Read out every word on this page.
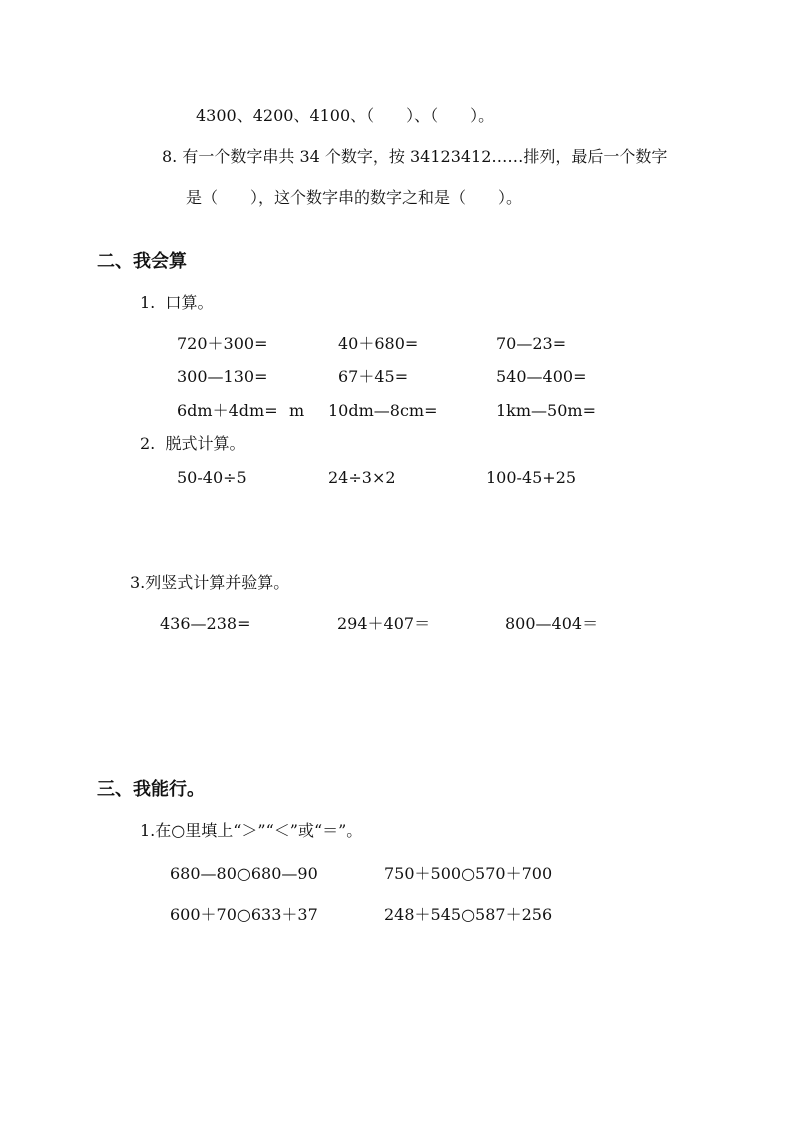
4300、4200、4100、（　　）、（　　）。
8. 有一个数字串共 34 个数字，按 34123412……排列，最后一个数字
是（　　），这个数字串的数字之和是（　　）。
二、我会算
1.  口算。
720＋300=	40＋680=	70—23=
300—130=	67＋45=	540—400=
6dm＋4dm= m 10dm—8cm=	1km—50m=
2.  脱式计算。
50-40÷5	24÷3×2	100-45+25
3.列竖式计算并验算。
436—238=	294＋407＝	800—404＝
三、我能行。
1.在○里填上“＞”“＜”或“＝”。
680—80○680—90	750＋500○570＋700
600＋70○633＋37	248＋545○587＋256
